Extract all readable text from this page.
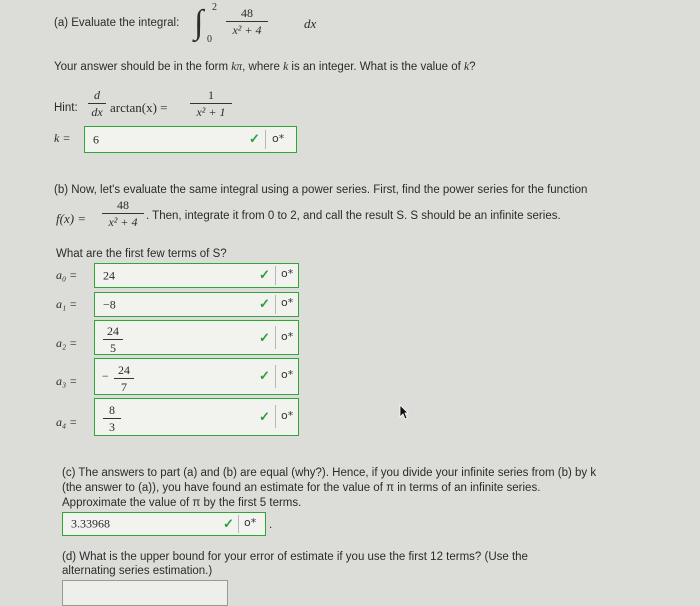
(a) Evaluate the integral: ∫ 2
0
48
x² + 4	dx
Your answer should be in the form kπ, where k is an integer. What is the value of k?
Hint:
d
dx arctan(x) =
1
x² + 1
k = 6	✓ o*
(b) Now, let's evaluate the same integral using a power series. First, find the power series for the function
f(x) =
48
x² + 4 . Then, integrate it from 0 to 2, and call the result S. S should be an infinite series.
What are the first few terms of S?
a₀ = 24	✓ o*
a₁ = −8	✓ o*
a₂ =
24
5
✓ o*
a₃ = − 24
7
✓ o*
a₄ =
8
3
✓ o*
(c) The answers to part (a) and (b) are equal (why?). Hence, if you divide your infinite series from (b) by k
(the answer to (a)), you have found an estimate for the value of π in terms of an infinite series.
Approximate the value of π by the first 5 terms.
3.33968	✓ o* .
(d) What is the upper bound for your error of estimate if you use the first 12 terms? (Use the
alternating series estimation.)
